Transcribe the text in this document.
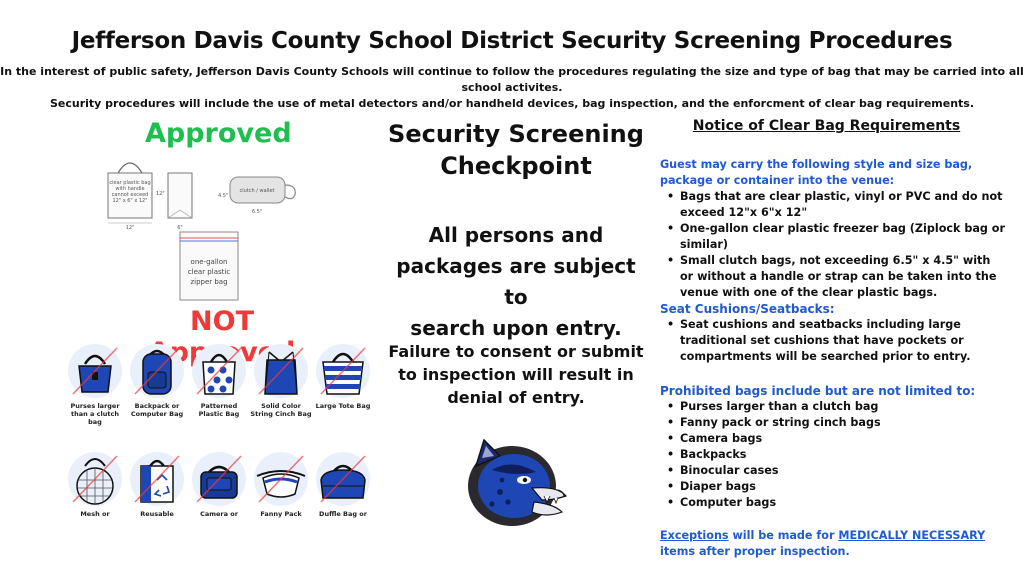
Jefferson Davis County School District Security Screening Procedures
In the interest of public safety, Jefferson Davis County Schools will continue to follow the procedures regulating the size and type of bag that may be carried into all school activites.
Security procedures will include the use of metal detectors and/or handheld devices, bag inspection, and the enforcment of clear bag requirements.
Approved
clear plastic bag
with handle
cannot exceed
12" x 6" x 12"
12"
12"
6"
4.5"
clutch / wallet
6.5"
one-gallon
clear plastic
zipper bag
NOT
Purses larger than a clutch bag
Backpack or Computer Bag
Patterned Plastic Bag
Solid Color String Cinch Bag
Large Tote Bag
Mesh or	Reusable	Camera or	Fanny Pack	Duffle Bag or
Security Screening
Checkpoint
All persons and
packages are subject to
search upon entry.
Failure to consent or submit
to inspection will result in
denial of entry.
Notice of Clear Bag Requirements
Guest may carry the following style and size bag, package or container into the venue:
• Bags that are clear plastic, vinyl or PVC and do not exceed 12"x 6"x 12"
• One-gallon clear plastic freezer bag (Ziplock bag or similar)
• Small clutch bags, not exceeding 6.5" x 4.5" with or without a handle or strap can be taken into the venue with one of the clear plastic bags.
Seat Cushions/Seatbacks:
• Seat cushions and seatbacks including large traditional set cushions that have pockets or compartments will be searched prior to entry.
Prohibited bags include but are not limited to:
• Purses larger than a clutch bag
• Fanny pack or string cinch bags
• Camera bags
• Backpacks
• Binocular cases
• Diaper bags
• Computer bags
Exceptions will be made for MEDICALLY NECESSARY
items after proper inspection.
